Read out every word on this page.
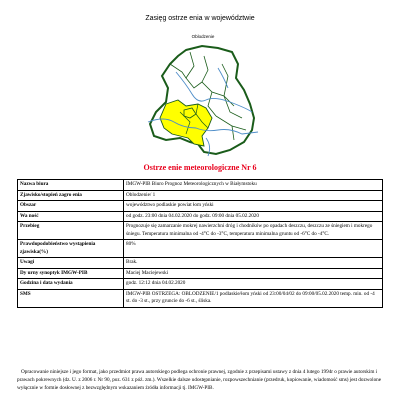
Zasięg ostrze enia w województwie
Oblodzenie
Ostrze enie meteorologiczne Nr 6
Nazwa biura	IMGW-PIB Biuro Prognoz Meteorologicznych w Białymstoku
Zjawisko/stopień zagro enia	Oblodzenie/ 1
Obszar	województwo podlaskie powiat łom yński
Wa ność	od godz. 23:00 dnia 04.02.2020 do godz. 09:00 dnia 05.02.2020
Przebieg	Prognozuje się zamarzanie mokrej nawierzchni dróg i chodników po opadach deszczu, deszczu ze śniegiem i mokrego śniegu. Temperatura minimalna od -4°C do -3°C, temperatura minimalna gruntu od -6°C do -4°C.
Prawdopodobieństwo wystąpienia zjawiska(%)	80%
Uwagi	Brak.
Dy urny synoptyk IMGW-PIB	Maciej Maciejewski
Godzina i data wydania	godz. 12:12 dnia 04.02.2020
SMS	IMGW-PIB OSTRZEGA: OBLODZENIE/1 podlaskie/łom yński od 23:00/04/02 do 09:00/05.02.2020 temp. min. od -4 st. do -3 st., przy gruncie do -6 st., śliska.

Opracowanie niniejsze i jego format, jako przedmiot prawa autorskiego podlega ochronie prawnej, zgodnie z przepisami ustawy z dnia 4 lutego 1994r o prawie autorskim i prawach pokrewnych (dz. U. z 2006 r. Nr 90, poz. 631 z póź. zm.). Wszelkie dalsze udostępnianie, rozpowszechnianie (przedruk, kopiowanie, wiadomość sms) jest dozwolone wyłącznie w formie dosłownej z bezwzględnym wskazaniem źródła informacji tj. IMGW-PIB.
